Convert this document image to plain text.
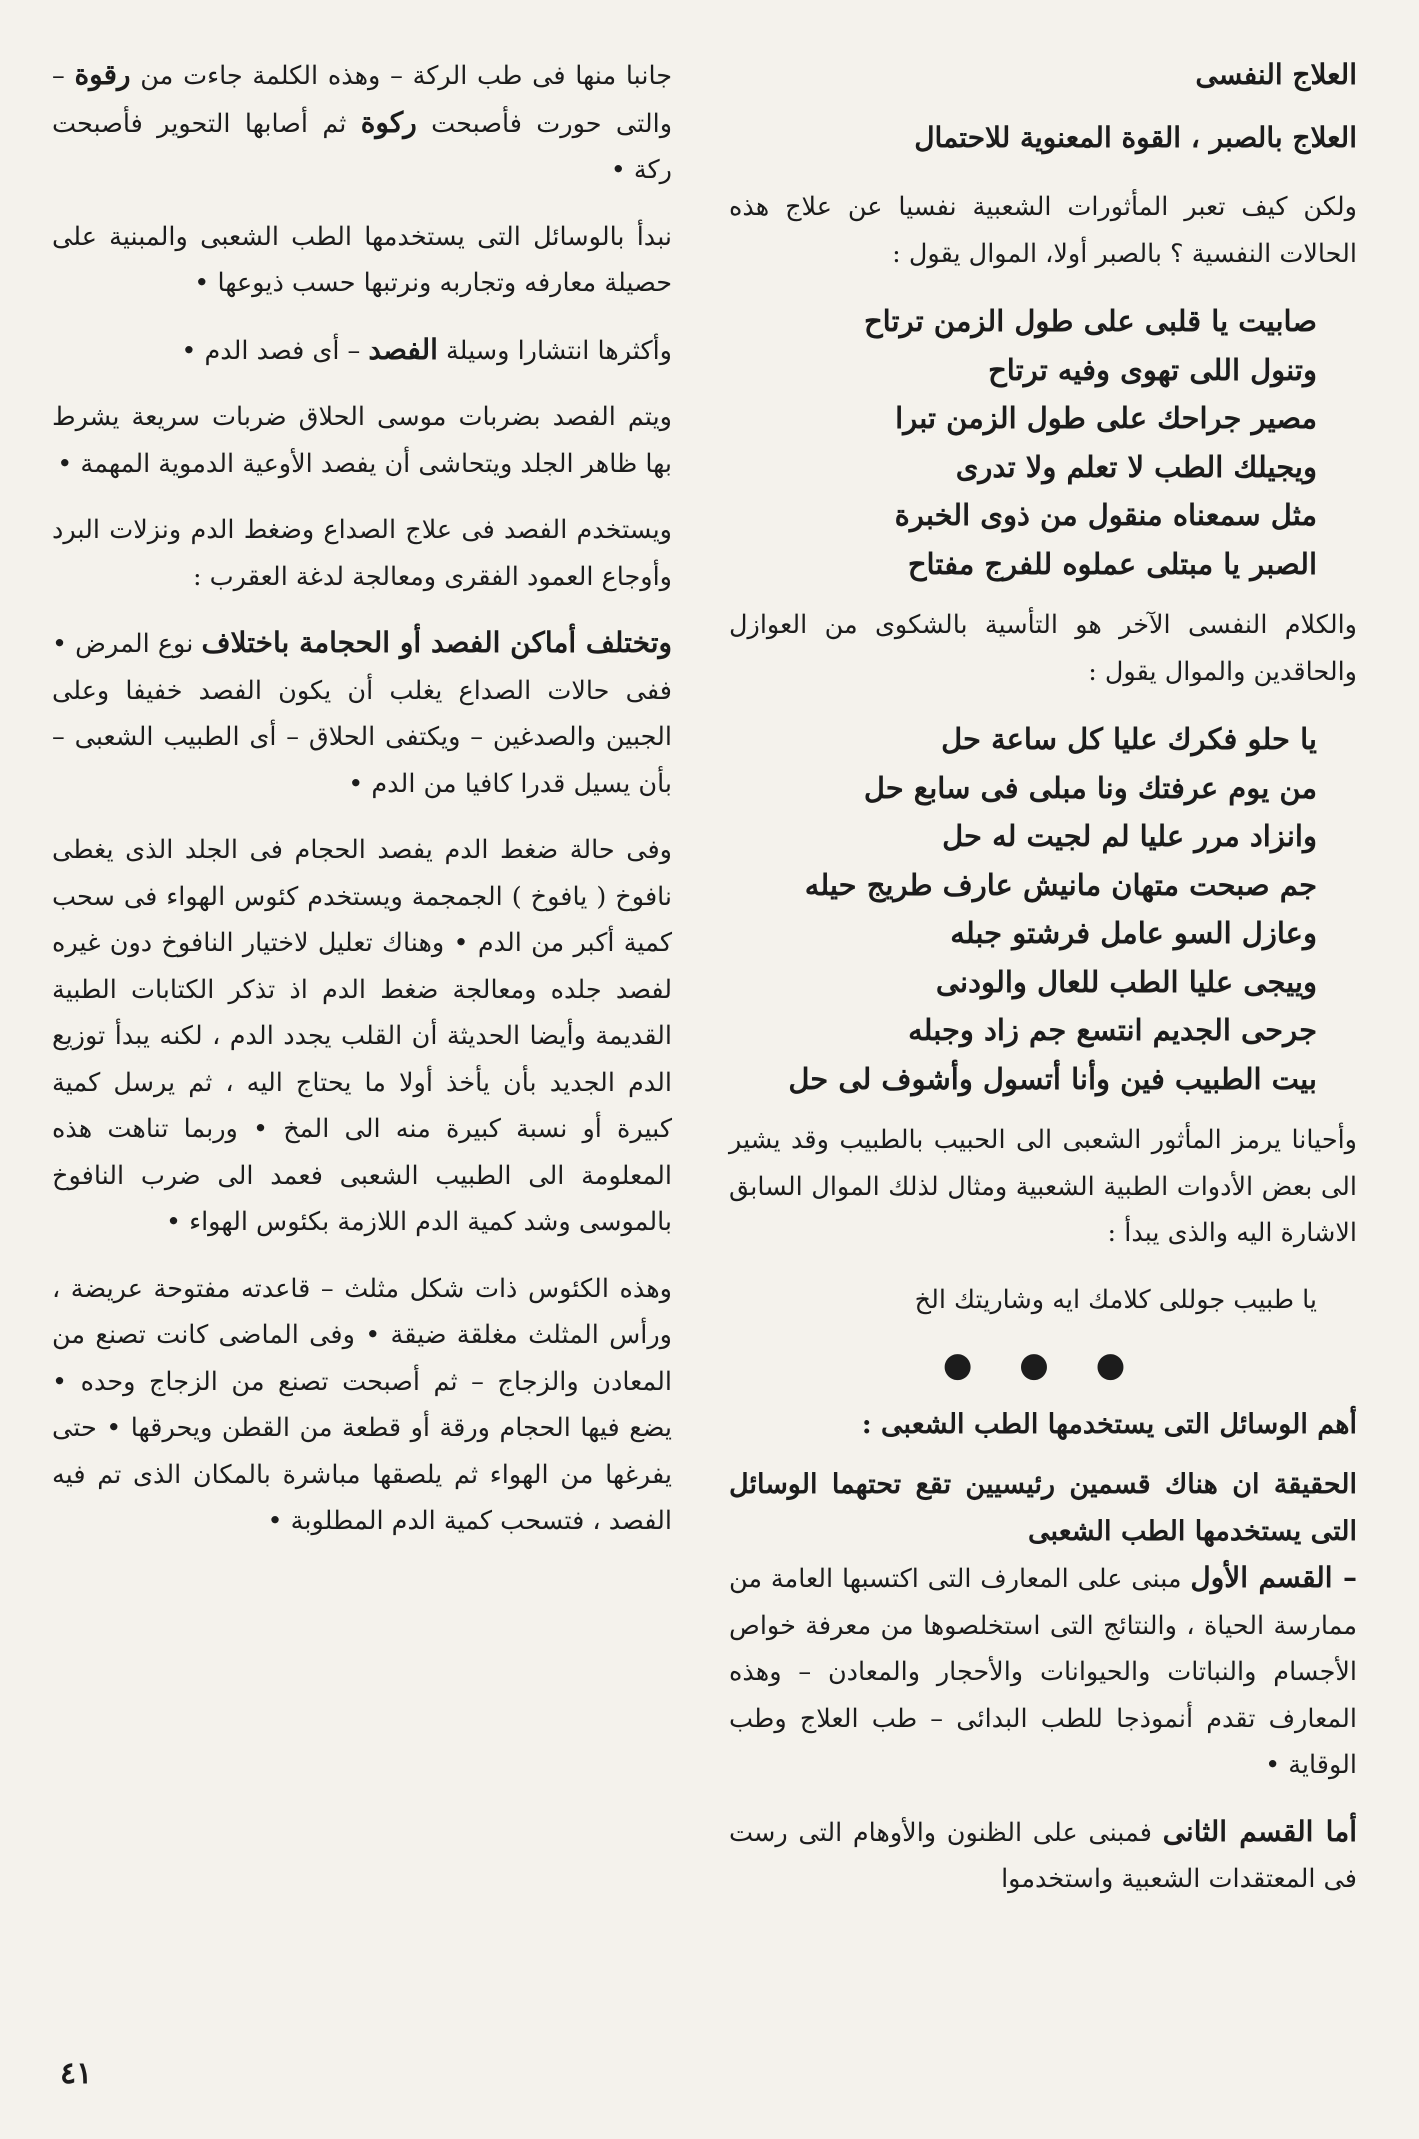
العلاج النفسى

العلاج بالصبر ، القوة المعنوية للاحتمال

ولكن كيف تعبر المأثورات الشعبية نفسيا عن علاج هذه الحالات النفسية ؟ بالصبر أولا، الموال يقول :

صابيت يا قلبى على طول الزمن ترتاح
وتنول اللى تهوى وفيه ترتاح
مصير جراحك على طول الزمن تبرا
ويجيلك الطب لا تعلم ولا تدرى
مثل سمعناه منقول من ذوى الخبرة
الصبر يا مبتلى عملوه للفرج مفتاح

والكلام النفسى الآخر هو التأسية بالشكوى من العوازل والحاقدين والموال يقول :

يا حلو فكرك عليا كل ساعة حل
من يوم عرفتك ونا مبلى فى سابع حل
وانزاد مرر عليا لم لجيت له حل
جم صبحت متهان مانيش عارف طريج حيله
وعازل السو عامل فرشتو جبله
وييجى عليا الطب للعال والودنى
جرحى الجديم انتسع جم زاد وجبله
بيت الطبيب فين وأنا أتسول وأشوف لى حل

وأحيانا يرمز المأثور الشعبى الى الحبيب بالطبيب وقد يشير الى بعض الأدوات الطبية الشعبية ومثال لذلك الموال السابق الاشارة اليه والذى يبدأ :

يا طبيب جوللى كلامك ايه وشاريتك الخ

● ● ●

أهم الوسائل التى يستخدمها الطب الشعبى :

الحقيقة ان هناك قسمين رئيسيين تقع تحتهما الوسائل التى يستخدمها الطب الشعبى

– القسم الأول مبنى على المعارف التى اكتسبها العامة من ممارسة الحياة ، والنتائج التى استخلصوها من معرفة خواص الأجسام والنباتات والحيوانات والأحجار والمعادن – وهذه المعارف تقدم أنموذجا للطب البدائى – طب العلاج وطب الوقاية •

أما القسم الثانى فمبنى على الظنون والأوهام التى رست فى المعتقدات الشعبية واستخدموا

جانبا منها فى طب الركة – وهذه الكلمة جاءت من رقوة – والتى حورت فأصبحت ركوة ثم أصابها التحوير فأصبحت ركة •

نبدأ بالوسائل التى يستخدمها الطب الشعبى والمبنية على حصيلة معارفه وتجاربه ونرتبها حسب ذيوعها •

وأكثرها انتشارا وسيلة الفصد – أى فصد الدم •

ويتم الفصد بضربات موسى الحلاق ضربات سريعة يشرط بها ظاهر الجلد ويتحاشى أن يفصد الأوعية الدموية المهمة •

ويستخدم الفصد فى علاج الصداع وضغط الدم ونزلات البرد وأوجاع العمود الفقرى ومعالجة لدغة العقرب :

وتختلف أماكن الفصد أو الحجامة باختلاف نوع المرض • ففى حالات الصداع يغلب أن يكون الفصد خفيفا وعلى الجبين والصدغين – ويكتفى الحلاق – أى الطبيب الشعبى – بأن يسيل قدرا كافيا من الدم •

وفى حالة ضغط الدم يفصد الحجام فى الجلد الذى يغطى نافوخ ( يافوخ ) الجمجمة ويستخدم كئوس الهواء فى سحب كمية أكبر من الدم • وهناك تعليل لاختيار النافوخ دون غيره لفصد جلده ومعالجة ضغط الدم اذ تذكر الكتابات الطبية القديمة وأيضا الحديثة أن القلب يجدد الدم ، لكنه يبدأ توزيع الدم الجديد بأن يأخذ أولا ما يحتاج اليه ، ثم يرسل كمية كبيرة أو نسبة كبيرة منه الى المخ • وربما تناهت هذه المعلومة الى الطبيب الشعبى فعمد الى ضرب النافوخ بالموسى وشد كمية الدم اللازمة بكئوس الهواء •

وهذه الكئوس ذات شكل مثلث – قاعدته مفتوحة عريضة ، ورأس المثلث مغلقة ضيقة • وفى الماضى كانت تصنع من المعادن والزجاج – ثم أصبحت تصنع من الزجاج وحده • يضع فيها الحجام ورقة أو قطعة من القطن ويحرقها • حتى يفرغها من الهواء ثم يلصقها مباشرة بالمكان الذى تم فيه الفصد ، فتسحب كمية الدم المطلوبة •

٤١
